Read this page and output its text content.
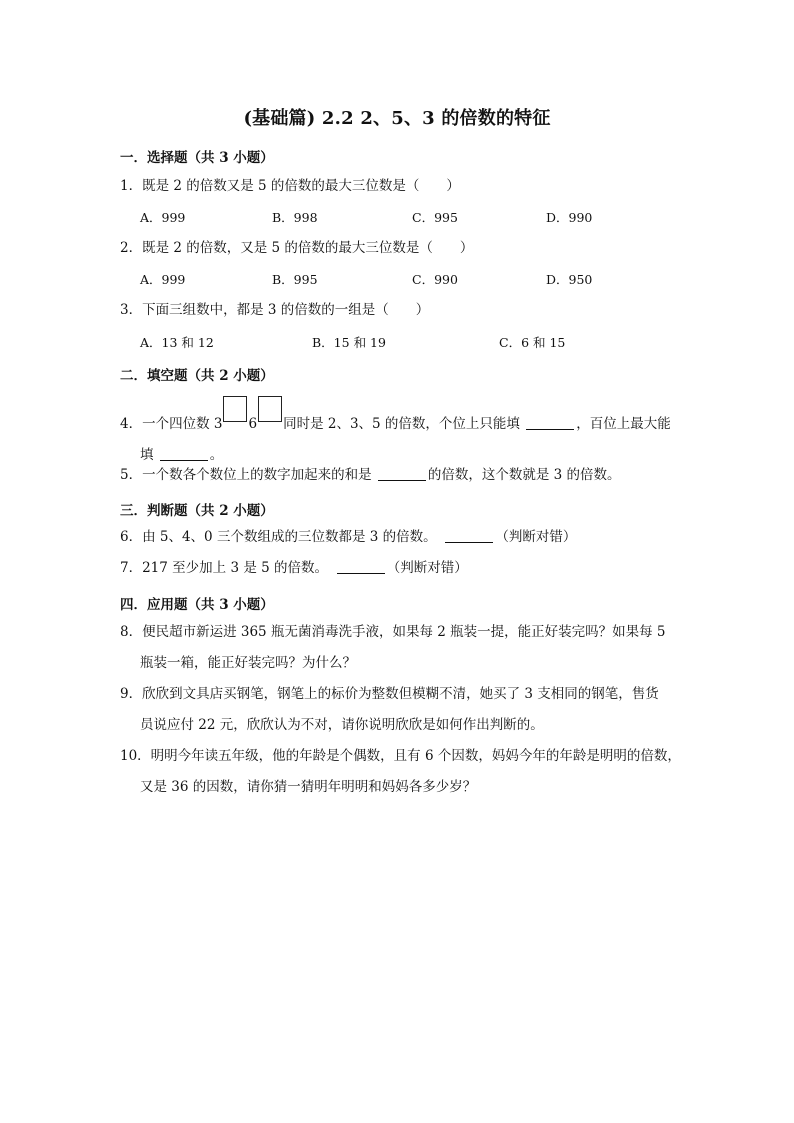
(基础篇) 2.2 2、5、3 的倍数的特征
一．选择题（共 3 小题）
1．既是 2 的倍数又是 5 的倍数的最大三位数是（　　）
A．999	B．998	C．995	D．990
2．既是 2 的倍数，又是 5 的倍数的最大三位数是（　　）
A．999	B．995	C．990	D．950
3．下面三组数中，都是 3 的倍数的一组是（　　）
A．13 和 12	B．15 和 19	C．6 和 15
二．填空题（共 2 小题）
4．一个四位数 3 6 同时是 2、3、5 的倍数，个位上只能填	，百位上最大能
填	。
5．一个数各个数位上的数字加起来的和是	的倍数，这个数就是 3 的倍数。
三．判断题（共 2 小题）
6．由 5、4、0 三个数组成的三位数都是 3 的倍数。　	（判断对错）
7．217 至少加上 3 是 5 的倍数。　	（判断对错）
四．应用题（共 3 小题）
8．便民超市新运进 365 瓶无菌消毒洗手液，如果每 2 瓶装一提，能正好装完吗？如果每 5
瓶装一箱，能正好装完吗？为什么？
9．欣欣到文具店买钢笔，钢笔上的标价为整数但模糊不清，她买了 3 支相同的钢笔，售货
员说应付 22 元，欣欣认为不对，请你说明欣欣是如何作出判断的。
10．明明今年读五年级，他的年龄是个偶数，且有 6 个因数，妈妈今年的年龄是明明的倍数，
又是 36 的因数，请你猜一猜明年明明和妈妈各多少岁？
